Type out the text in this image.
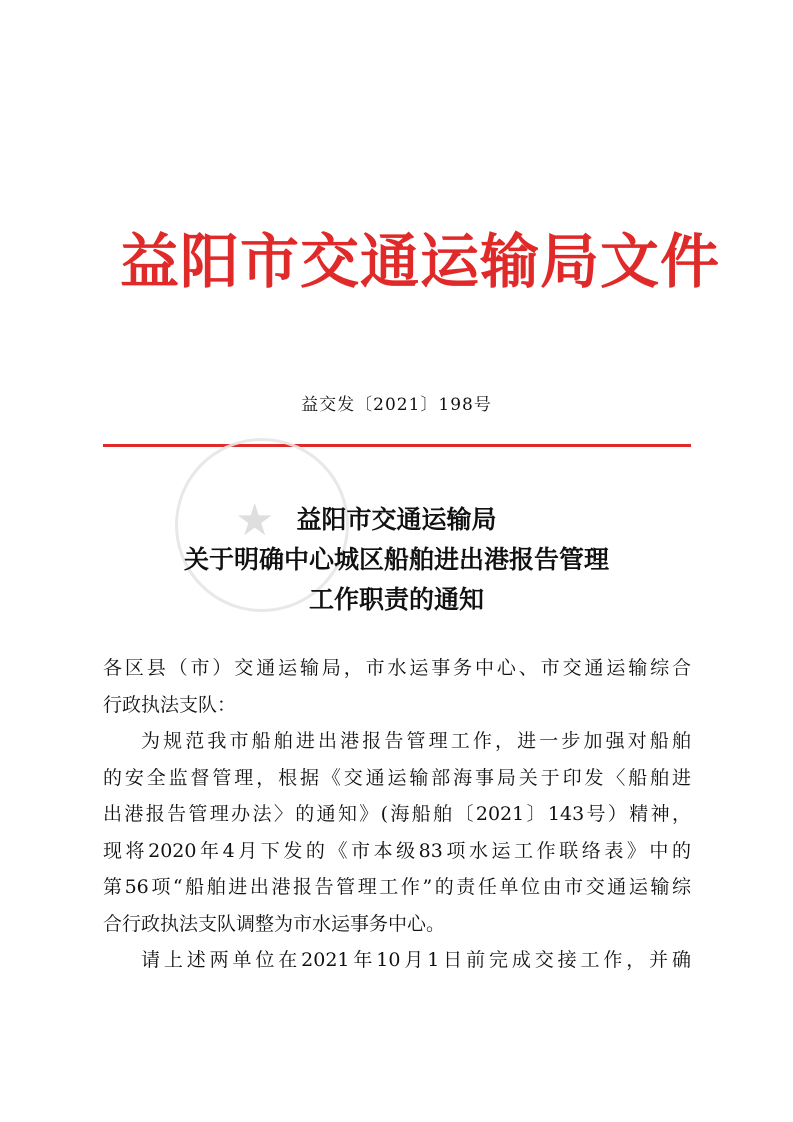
益阳市交通运输局文件
益交发〔2021〕198号
★ 益阳市交通运输局
关于明确中心城区船舶进出港报告管理
工作职责的通知

各区县（市）交通运输局，市水运事务中心、市交通运输综合
行政执法支队：

为规范我市船舶进出港报告管理工作，进一步加强对船舶
的安全监督管理，根据《交通运输部海事局关于印发〈船舶进
出港报告管理办法〉的通知》(海船舶〔2021〕143号）精神，
现将2020年4月下发的《市本级83项水运工作联络表》中的
第56项“船舶进出港报告管理工作”的责任单位由市交通运输综
合行政执法支队调整为市水运事务中心。

请上述两单位在2021年10月1日前完成交接工作，并确
